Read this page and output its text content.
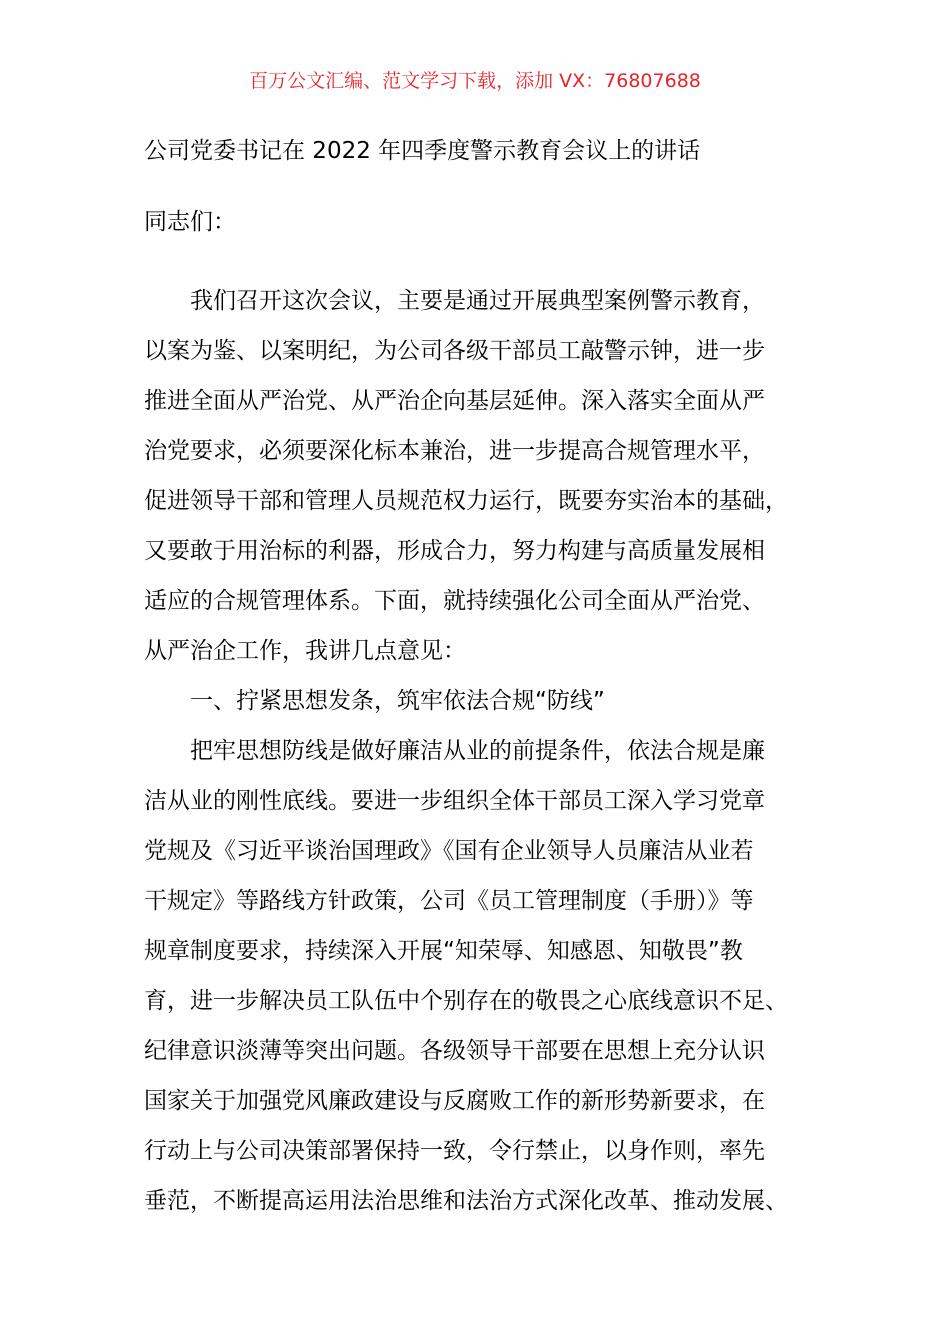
百万公文汇编、范文学习下载，添加 VX：76807688
公司党委书记在 2022 年四季度警示教育会议上的讲话
同志们：
我们召开这次会议，主要是通过开展典型案例警示教育，
以案为鉴、以案明纪，为公司各级干部员工敲警示钟，进一步
推进全面从严治党、从严治企向基层延伸。深入落实全面从严
治党要求，必须要深化标本兼治，进一步提高合规管理水平，
促进领导干部和管理人员规范权力运行，既要夯实治本的基础，
又要敢于用治标的利器，形成合力，努力构建与高质量发展相
适应的合规管理体系。下面，就持续强化公司全面从严治党、
从严治企工作，我讲几点意见：
一、拧紧思想发条，筑牢依法合规“防线”
把牢思想防线是做好廉洁从业的前提条件，依法合规是廉
洁从业的刚性底线。要进一步组织全体干部员工深入学习党章
党规及《习近平谈治国理政》《国有企业领导人员廉洁从业若
干规定》等路线方针政策，公司《员工管理制度（手册）》等
规章制度要求，持续深入开展“知荣辱、知感恩、知敬畏”教
育，进一步解决员工队伍中个别存在的敬畏之心底线意识不足、
纪律意识淡薄等突出问题。各级领导干部要在思想上充分认识
国家关于加强党风廉政建设与反腐败工作的新形势新要求，在
行动上与公司决策部署保持一致，令行禁止，以身作则，率先
垂范，不断提高运用法治思维和法治方式深化改革、推动发展、
